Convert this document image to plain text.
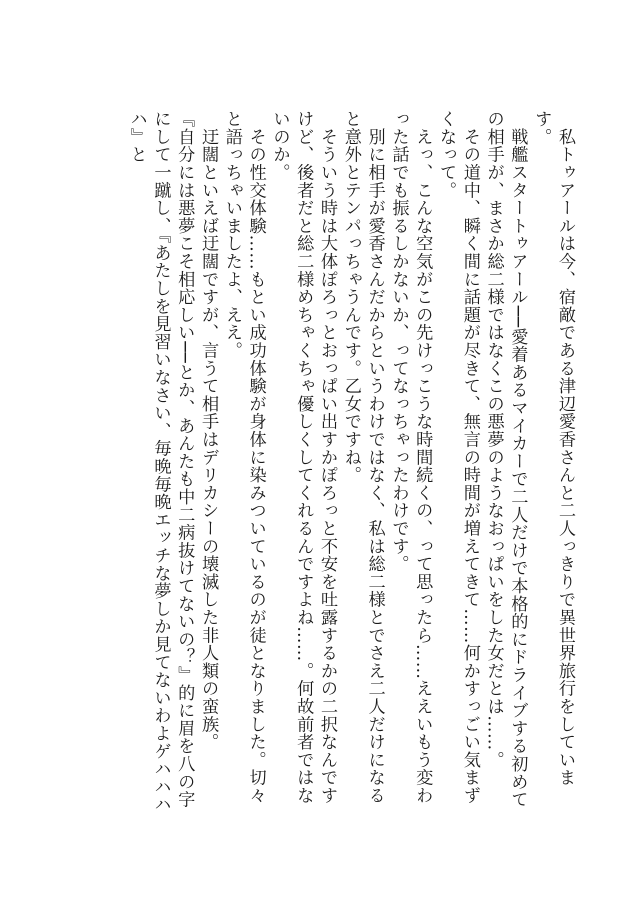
　私トゥアールは今、宿敵である津辺愛香さんと二人っきりで異世界旅行をしています。

　戦艦スタートゥアール──愛着あるマイカーで二人だけで本格的にドライブする初めての相手が、まさか総二様ではなくこの悪夢のようなおっぱいをした女だとは……。

　その道中、瞬く間に話題が尽きて、無言の時間が増えてきて……何かすっごい気まずくなって。

　えっ、こんな空気がこの先けっこうな時間続くの、って思ったら……ええいもう変わった話でも振るしかないか、ってなっちゃったわけです。

　別に相手が愛香さんだからというわけではなく、私は総二様とでさえ二人だけになると意外とテンパっちゃうんです。乙女ですね。

　そういう時は大体ぽろっとおっぱい出すかぽろっと不安を吐露するかの二択なんですけど、後者だと総二様めちゃくちゃ優しくしてくれるんですよね……。何故前者ではないのか。

　その性交体験……もとい成功体験が身体に染みついているのが徒となりました。切々と語っちゃいましたよ、ええ。

　迂闊といえば迂闊ですが、言うて相手はデリカシーの壊滅した非人類の蛮族。

『自分には悪夢こそ相応しい──とか、あんたも中二病抜けてないの？』的に眉を八の字にして一蹴し、『あたしを見習いなさい、毎晩毎晩エッチな夢しか見てないわよゲハハハハ』と
